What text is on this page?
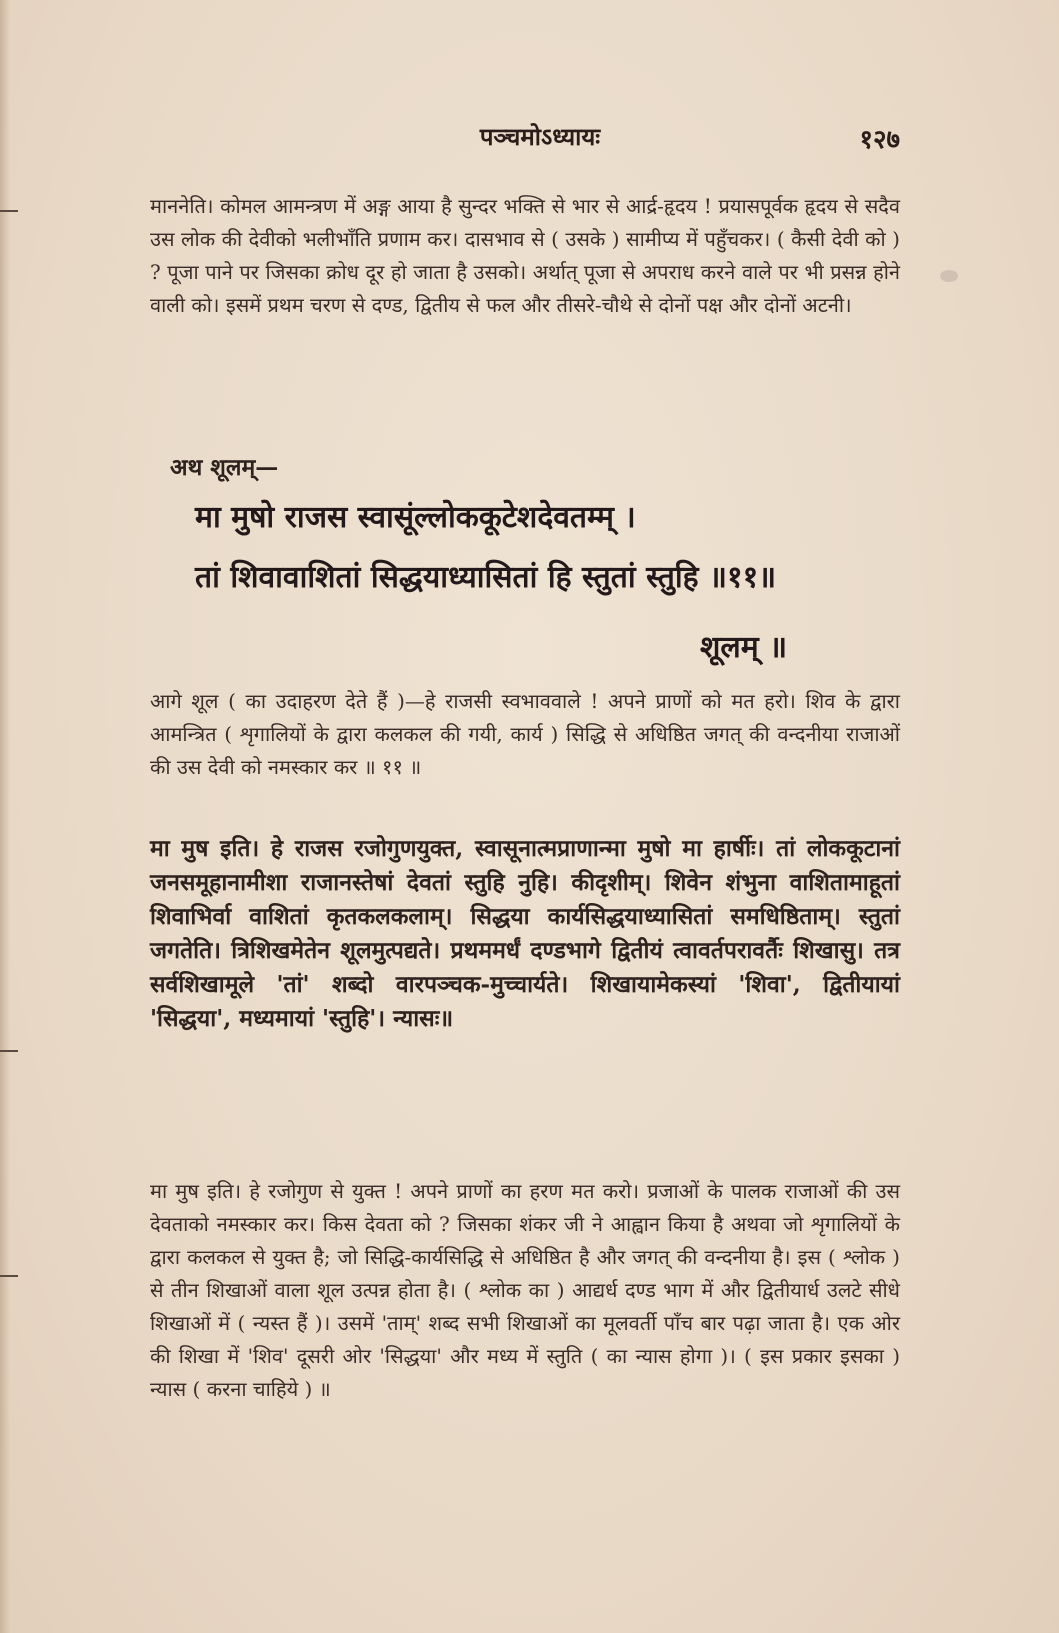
पञ्चमोऽध्यायः	१२७
माननेति। कोमल आमन्त्रण में अङ्ग आया है सुन्दर भक्ति से भार से आर्द्र-हृदय ! प्रयासपूर्वक हृदय से सदैव उस लोक की देवीको भलीभाँति प्रणाम कर। दासभाव से ( उसके ) सामीप्य में पहुँचकर। ( कैसी देवी को ) ? पूजा पाने पर जिसका क्रोध दूर हो जाता है उसको। अर्थात् पूजा से अपराध करने वाले पर भी प्रसन्न होने वाली को। इसमें प्रथम चरण से दण्ड, द्वितीय से फल और तीसरे-चौथे से दोनों पक्ष और दोनों अटनी।
अथ शूलम्—
मा मुषो राजस स्वासूंल्लोककूटेशदेवतम्म् ।
तां शिवावाशितां सिद्धयाध्यासितां हि स्तुतां स्तुहि ॥११॥
शूलम् ॥
आगे शूल ( का उदाहरण देते हैं )—हे राजसी स्वभाववाले ! अपने प्राणों को मत हरो। शिव के द्वारा आमन्त्रित ( शृगालियों के द्वारा कलकल की गयी, कार्य ) सिद्धि से अधिष्ठित जगत् की वन्दनीया राजाओं की उस देवी को नमस्कार कर ॥ ११ ॥
मा मुष इति। हे राजस रजोगुणयुक्त, स्वासूनात्मप्राणान्मा मुषो मा हार्षीः। तां लोककूटानां जनसमूहानामीशा राजानस्तेषां देवतां स्तुहि नुहि। कीदृशीम्। शिवेन शंभुना वाशितामाहूतां शिवाभिर्वा वाशितां कृतकलकलाम्। सिद्धया कार्यसिद्धयाध्यासितां समधिष्ठिताम्। स्तुतां जगतेति। त्रिशिखमेतेन शूलमुत्पद्यते। प्रथममर्धं दण्डभागे द्वितीयं त्वावर्तपरावर्तैः शिखासु। तत्र सर्वशिखामूले 'तां' शब्दो वारपञ्चक-मुच्चार्यते। शिखायामेकस्यां 'शिवा', द्वितीयायां 'सिद्धया', मध्यमायां 'स्तुहि'। न्यासः॥
मा मुष इति। हे रजोगुण से युक्त ! अपने प्राणों का हरण मत करो। प्रजाओं के पालक राजाओं की उस देवताको नमस्कार कर। किस देवता को ? जिसका शंकर जी ने आह्वान किया है अथवा जो शृगालियों के द्वारा कलकल से युक्त है; जो सिद्धि-कार्यसिद्धि से अधिष्ठित है और जगत् की वन्दनीया है। इस ( श्लोक ) से तीन शिखाओं वाला शूल उत्पन्न होता है। ( श्लोक का ) आद्यर्ध दण्ड भाग में और द्वितीयार्ध उलटे सीधे शिखाओं में ( न्यस्त हैं )। उसमें 'ताम्' शब्द सभी शिखाओं का मूलवर्ती पाँच बार पढ़ा जाता है। एक ओर की शिखा में 'शिव' दूसरी ओर 'सिद्धया' और मध्य में स्तुति ( का न्यास होगा )। ( इस प्रकार इसका ) न्यास ( करना चाहिये ) ॥
